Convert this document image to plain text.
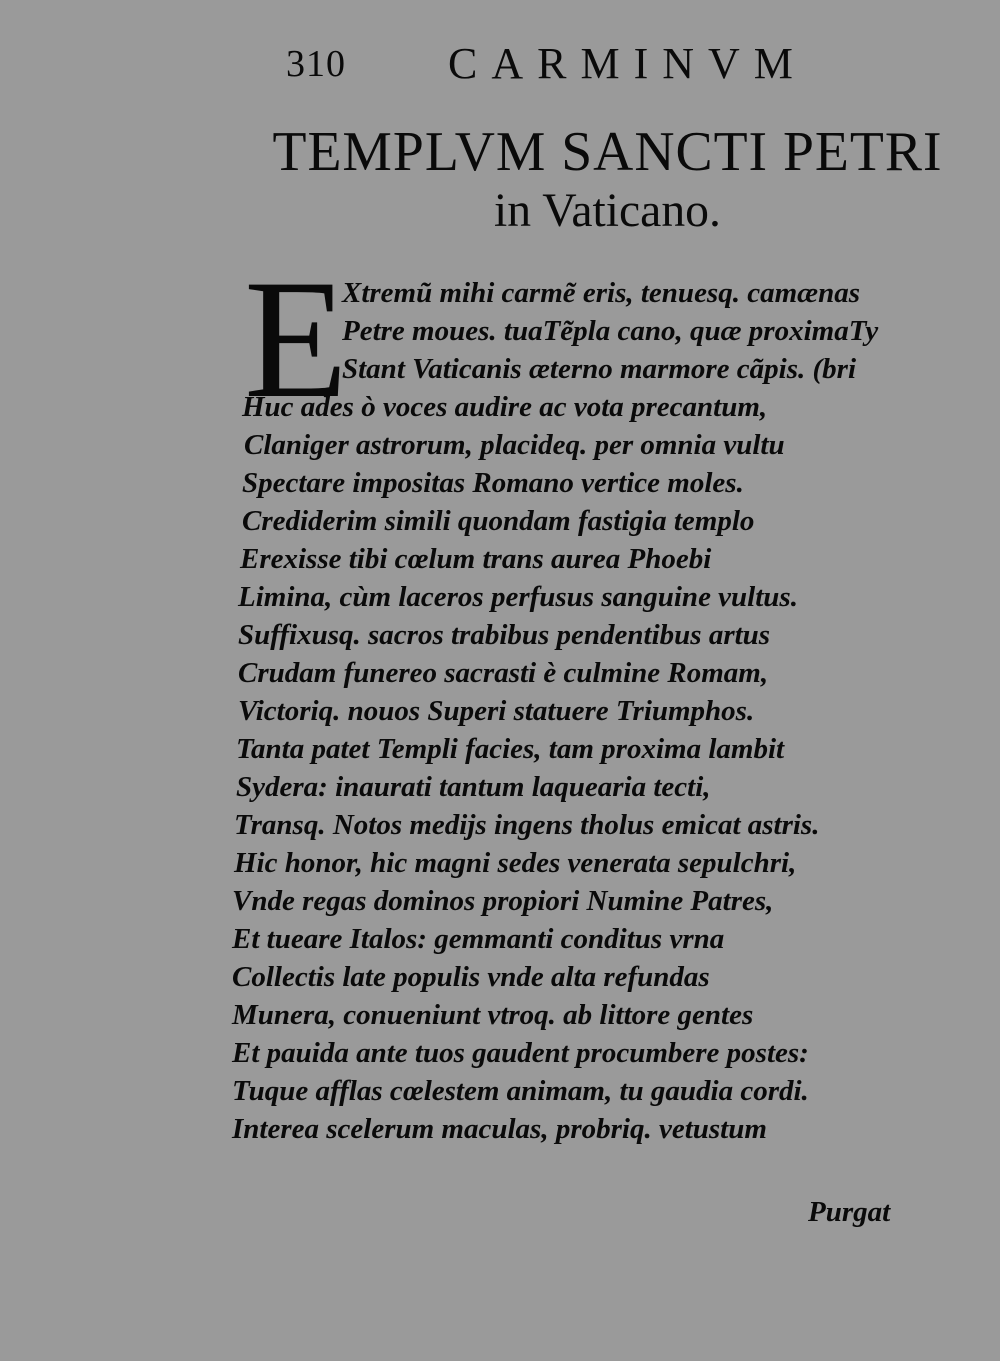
310 CARMINVM
TEMPLVM SANCTI PETRI
in Vaticano.
E
Xtremũ mihi carmẽ eris, tenuesq. camænas
Petre moues. tuaTẽpla cano, quæ proximaTy
Stant Vaticanis æterno marmore cãpis. (bri
Huc ades ò voces audire ac vota precantum,
Claniger astrorum, placideq. per omnia vultu
Spectare impositas Romano vertice moles.
Crediderim simili quondam fastigia templo
Erexisse tibi cœlum trans aurea Phoebi
Limina, cùm laceros perfusus sanguine vultus.
Suffixusq. sacros trabibus pendentibus artus
Crudam funereo sacrasti è culmine Romam,
Victoriq. nouos Superi statuere Triumphos.
Tanta patet Templi facies, tam proxima lambit
Sydera: inaurati tantum laquearia tecti,
Transq. Notos medijs ingens tholus emicat astris.
Hic honor, hic magni sedes venerata sepulchri,
Vnde regas dominos propiori Numine Patres,
Et tueare Italos: gemmanti conditus vrna
Collectis late populis vnde alta refundas
Munera, conueniunt vtroq. ab littore gentes
Et pauida ante tuos gaudent procumbere postes:
Tuque afflas cœlestem animam, tu gaudia cordi.
Interea scelerum maculas, probriq. vetustum
Purgat
